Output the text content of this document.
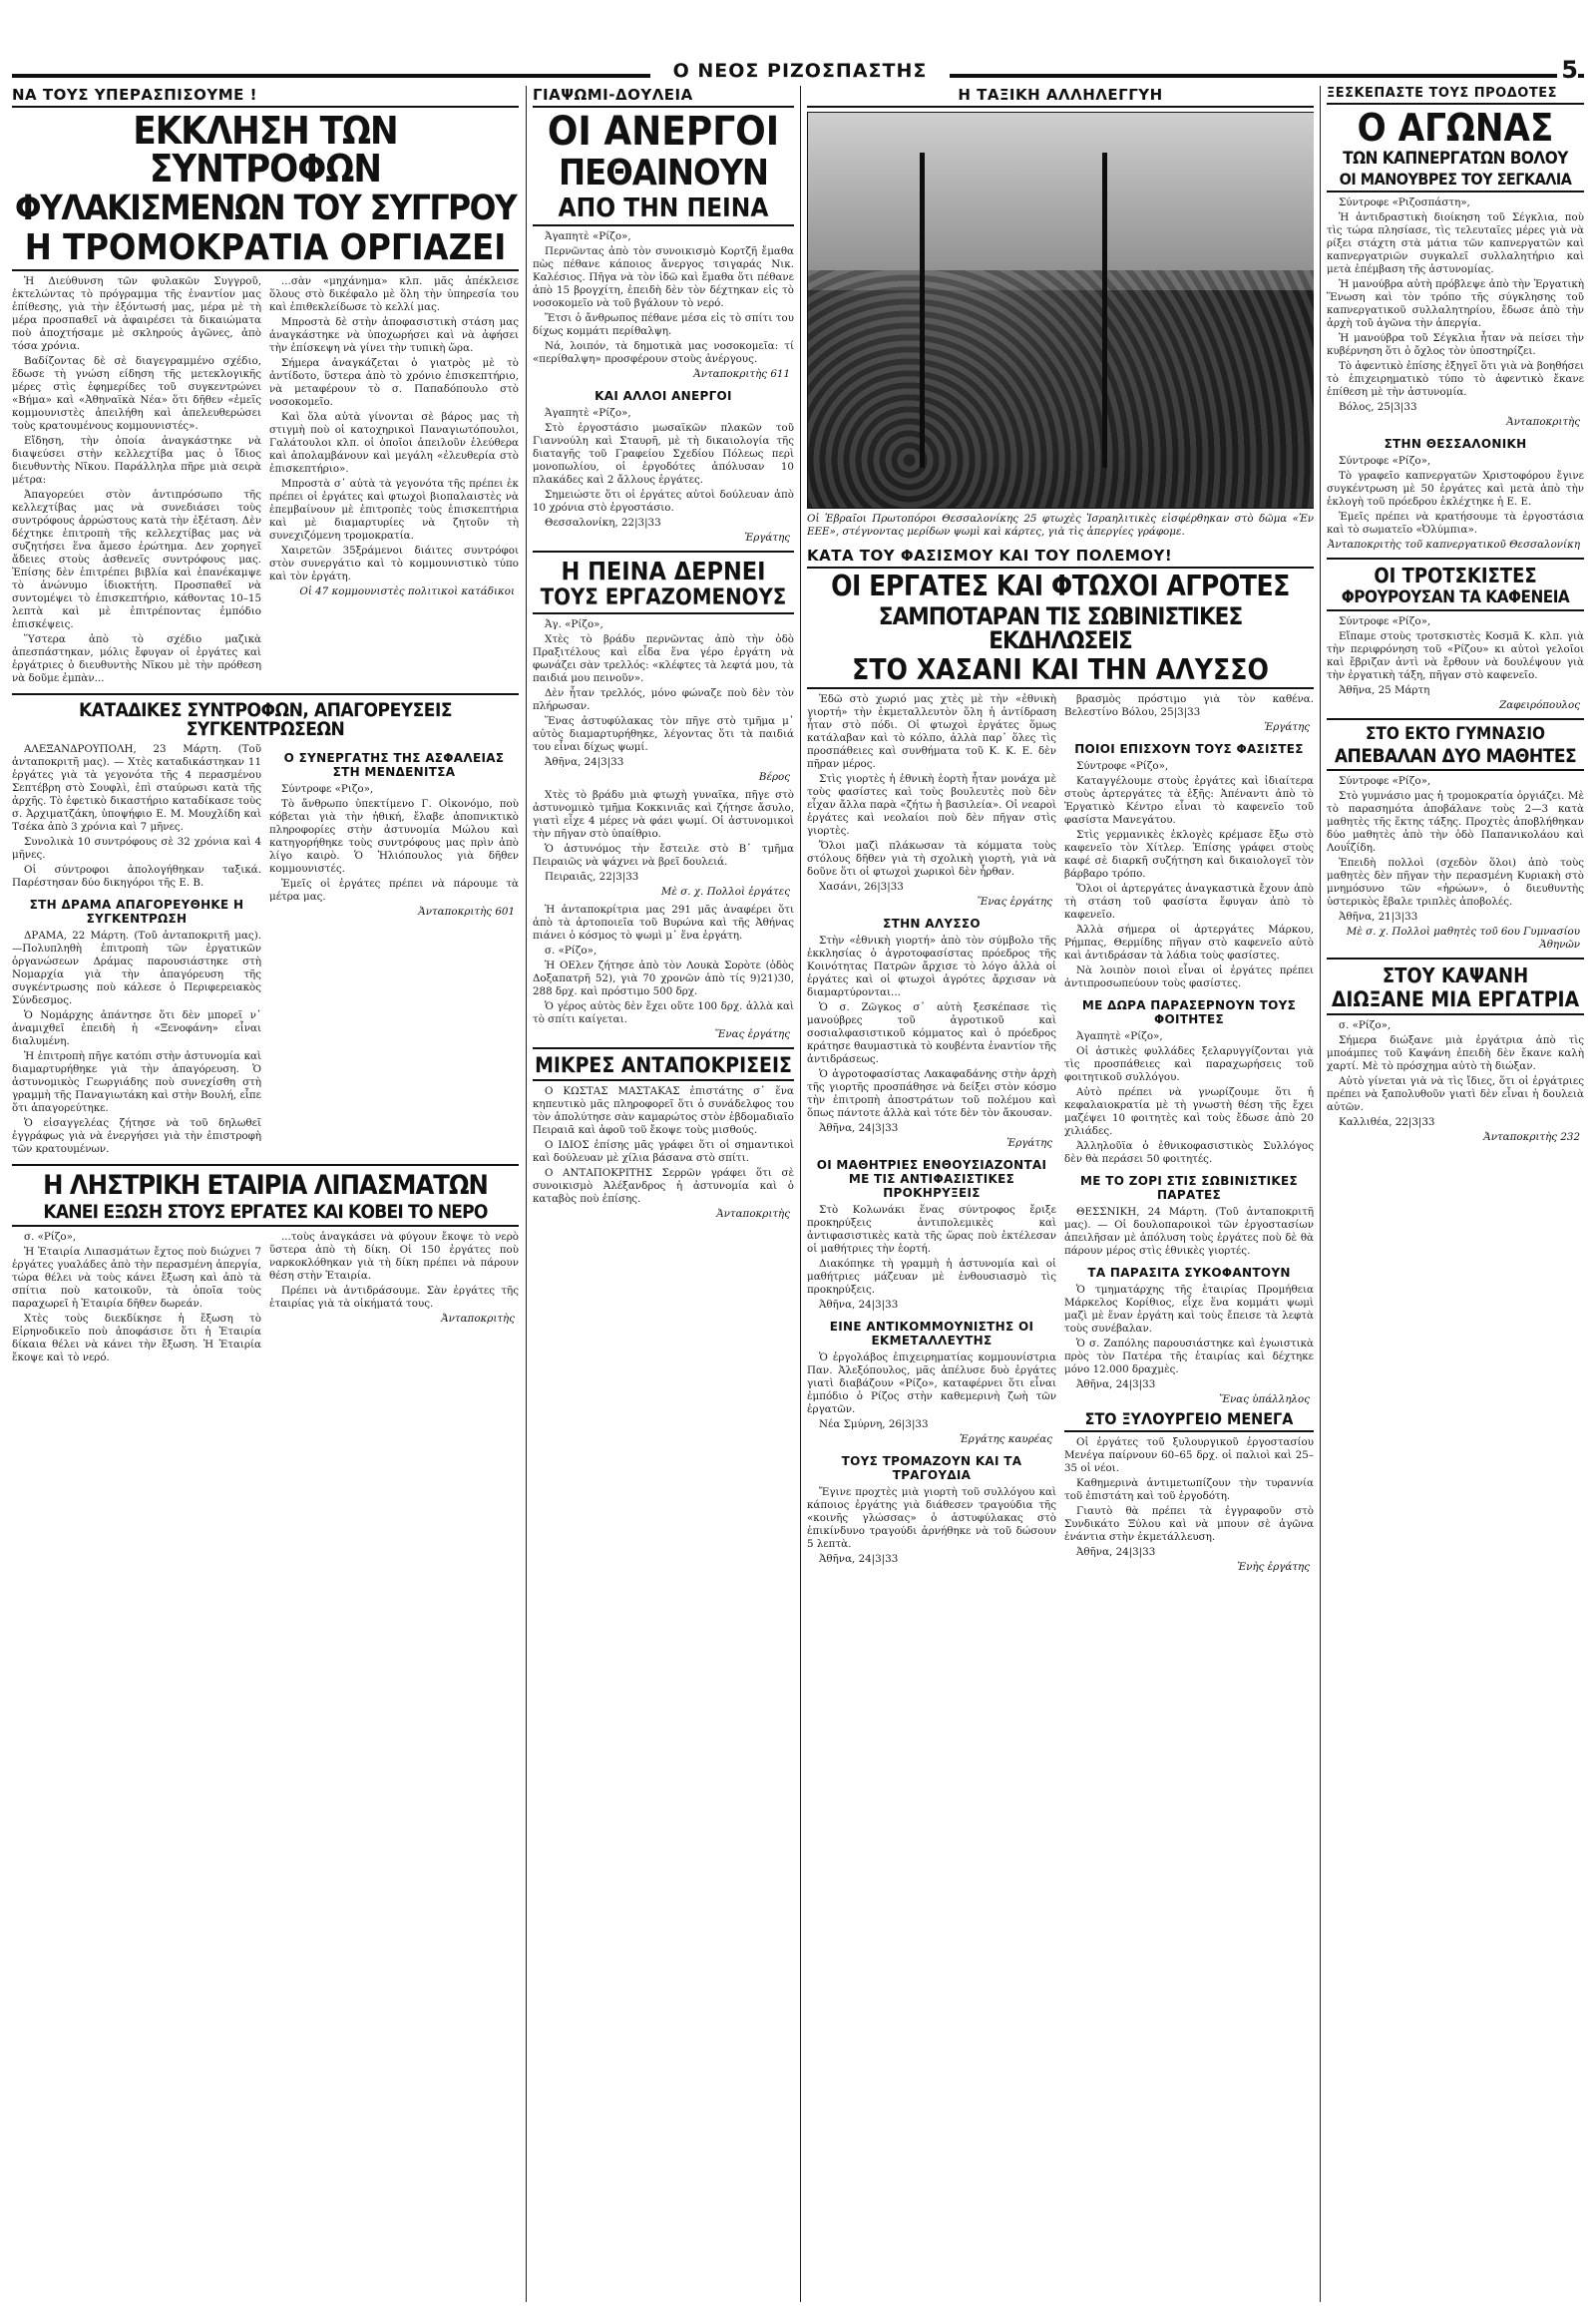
Ο ΝΕΟΣ ΡΙΖΟΣΠΑΣΤΗΣ	5
ΝΑ ΤΟΥΣ ΥΠΕΡΑΣΠΙΣΟΥΜΕ !
ΕΚΚΛΗΣΗ ΤΩΝ ΣΥΝΤΡΟΦΩΝ
ΦΥΛΑΚΙΣΜΕΝΩΝ ΤΟΥ ΣΥΓΓΡΟΥ
Η ΤΡΟΜΟΚΡΑΤΙΑ ΟΡΓΙΑΖΕΙ

Ἡ Διεύθυνση τῶν φυλακῶν Συγγροῦ, ἐκτελώντας τὸ πρόγραμμα τῆς ἐναντίον μας ἐπίθεσης, γιὰ τὴν ἐξόντωσή μας, μέρα μὲ τὴ μέρα προσπαθεῖ νὰ ἀφαιρέσει τὰ δικαιώματα ποὺ ἀποχτήσαμε μὲ σκληρούς ἀγῶνες, ἀπὸ τόσα χρόνια.

Βαδίζοντας δὲ σὲ διαγεγραμμένο σχέδιο, ἔδωσε τὴ γνώση είδηση τῆς μετεκλογικῆς μέρες στὶς ἐφημερίδες τοῦ συγκεντρώνει «Βήμα» καὶ «Ἀθηναϊκὰ Νέα» ὅτι δῆθεν «ἐμεῖς κομμουνιστὲς ἀπειλήθη καὶ ἀπελευθερώσει τοὺς κρατουμένους κομμουνιστές».

Εἴδηση, τὴν ὁποία ἀναγκάστηκε νὰ διαψεύσει στὴν κελλεχτίβα μας ὁ ἴδιος διευθυντὴς Νῖκου. Παράλληλα πῆρε μιὰ σειρὰ μέτρα:

Ἀπαγορεύει στὸν ἀντιπρόσωπο τῆς κελλεχτίβας μας νὰ συνεδιάσει τοὺς συντρόφους ἀρρώστους κατὰ τὴν ἐξέταση. Δὲν δέχτηκε ἐπιτροπὴ τῆς κελλεχτίβας μας νὰ συζητήσει ἕνα ἄμεσο ἐρώτημα. Δεν χορηγεῖ ἄδειες στοὺς ἀσθενεῖς συντρόφους μας. Ἐπίσης δὲν ἐπιτρέπει βιβλία καὶ ἐπανέκαμψε τὸ ἀνώνυμο ἰδιοκτήτη. Προσπαθεῖ νὰ συντομέψει τὸ ἐπισκεπτήριο, κάθοντας 10–15 λεπτὰ καὶ μὲ ἐπιτρέποντας ἐμπόδιο ἐπισκέψεις.

Ὕστερα ἀπὸ τὸ σχέδιο μαζικὰ ἀπεσπάστηκαν, μόλις ἔφυγαν οἱ ἐργάτες καὶ ἐργάτριες ὁ διευθυντὴς Νῖκου μὲ τὴν πρόθεση νὰ δοῦμε ἐμπὰν...

...σὰν «μηχάνημα» κλπ. μᾶς ἀπέκλεισε ὅλους στὸ δικέφαλο μὲ ὅλη τὴν ὑπηρεσία του καὶ ἐπιθεκλείδωσε τὸ κελλί μας.

Μπροστὰ δὲ στὴν ἀποφασιστικὴ στάση μας ἀναγκάστηκε νὰ ὑποχωρήσει καὶ νὰ ἀφήσει τὴν ἐπίσκεψη νὰ γίνει τὴν τυπικὴ ὥρα.

Σήμερα ἀναγκάζεται ὁ γιατρὸς μὲ τὸ ἀντίδοτο, ὕστερα ἀπὸ τὸ χρόνιο ἐπισκεπτήριο, νὰ μεταφέρουν τὸ σ. Παπαδόπουλο στὸ νοσοκομεῖο.

Καὶ ὅλα αὐτὰ γίνονται σὲ βάρος μας τὴ στιγμὴ ποὺ οἱ κατοχηρικοὶ Παναγιωτόπουλοι, Γαλάτουλοι κλπ. οἱ ὁποῖοι ἀπειλοῦν ἐλεύθερα καὶ ἀπολαμβάνουν καὶ μεγάλη «ἐλευθερία στὸ ἐπισκεπτήριο».

Μπροστὰ σ᾽ αὐτὰ τὰ γεγονότα τῆς πρέπει ἐκ πρέπει οἱ ἐργάτες καὶ φτωχοὶ βιοπαλαιστὲς νὰ ἐπεμβαίνουν μὲ ἐπιτροπὲς τοὺς ἐπισκεπτήρια καὶ μὲ διαμαρτυρίες νὰ ζητοῦν τὴ συνεχιζόμενη τρομοκρατία.

Χαιρετῶν 35ξράμενοι διάιτες συντρόφοι στὸν συνεργάτιο καὶ τὸ κομμουνιστικὸ τύπο καὶ τὸν ἐργάτη.

Οἱ 47 κομμουνιστὲς πολιτικοὶ κατάδικοι

ΚΑΤΑΔΙΚΕΣ ΣΥΝΤΡΟΦΩΝ, ΑΠΑΓΟΡΕΥΣΕΙΣ ΣΥΓΚΕΝΤΡΩΣΕΩΝ

ΑΛΕΞΑΝΔΡΟΥΠΟΛΗ, 23 Μάρτη. (Τοῦ ἀνταποκριτῆ μας). — Χτὲς καταδικάστηκαν 11 ἐργάτες γιὰ τὰ γεγονότα τῆς 4 περασμένου Σεπτέβρη στὸ Σουφλὶ, ἐπὶ σταύρωσι κατὰ τῆς ἀρχῆς. Τὸ ἐφετικὸ δικαστήριο καταδίκασε τοὺς σ. Ἀρχιματζάκη, ὑποψήφιο Ε. Μ. Μουχλίδη καὶ Τσέκα ἀπὸ 3 χρόνια καὶ 7 μῆνες.

Συνολικὰ 10 συντρόφους σὲ 32 χρόνια καὶ 4 μῆνες.

Οἱ σύντροφοι ἀπολογήθηκαν ταξικά. Παρέστησαν δύο δικηγόροι τῆς Ε. Β.

ΣΤΗ ΔΡΑΜΑ ΑΠΑΓΟΡΕΥΘΗΚΕ Η ΣΥΓΚΕΝΤΡΩΣΗ

ΔΡΑΜΑ, 22 Μάρτη. (Τοῦ ἀνταποκριτῆ μας).—Πολυπληθὴ ἐπιτροπὴ τῶν ἐργατικῶν ὀργανώσεων Δράμας παρουσιάστηκε στὴ Νομαρχία γιὰ τὴν ἀπαγόρευση τῆς συγκέντρωσης ποὺ κάλεσε ὁ Περιφερειακὸς Σύνδεσμος.

Ὁ Νομάρχης ἀπάντησε ὅτι δὲν μπορεῖ ν᾽ ἀναμιχθεῖ ἐπειδὴ ἡ «Ξενοφάνη» εἶναι διαλυμένη.

Ἡ ἐπιτροπὴ πῆγε κατόπι στὴν ἀστυνομία καὶ διαμαρτυρήθηκε γιὰ τὴν ἀπαγόρευση. Ὁ ἀστυνομικὸς Γεωργιάδης ποὺ συνεχίσθη στὴ γραμμὴ τῆς Παναγιωτάκη καὶ στὴν Βουλή, εἶπε ὅτι ἀπαγορεύτηκε.

Ὁ εἰσαγγελέας ζήτησε νὰ τοῦ δηλωθεῖ ἐγγράφως γιὰ νὰ ἐνεργήσει γιὰ τὴν ἐπιστροφὴ τῶν κρατουμένων.

Ο ΣΥΝΕΡΓΑΤΗΣ ΤΗΣ ΑΣΦΑΛΕΙΑΣ ΣΤΗ ΜΕΝΔΕΝΙΤΣΑ

Σύντροφε «Ριζο»,

Τὸ ἄνθρωπο ὑπεκτίμενο Γ. Οἰκονόμο, ποὺ κόβεται γιὰ τὴν ἠθική, ἔλαβε ἀποπνικτικὸ πληροφορίες στὴν ἀστυνομία Μώλου καὶ κατηγορήθηκε τοὺς συντρόφους μας πρὶν ἀπὸ λίγο καιρὸ. Ὁ Ἠλιόπουλος γιὰ δῆθεν κομμουνιστές.

Ἐμεῖς οἱ ἐργάτες πρέπει νὰ πάρουμε τὰ μέτρα μας.

Ἀνταποκριτὴς 601

Η ΛΗΣΤΡΙΚΗ ΕΤΑΙΡΙΑ ΛΙΠΑΣΜΑΤΩΝ
ΚΑΝΕΙ ΕΞΩΣΗ ΣΤΟΥΣ ΕΡΓΑΤΕΣ ΚΑΙ ΚΟΒΕΙ ΤΟ ΝΕΡΟ

σ. «Ρίζο»,

Ἡ Ἑταιρία Λιπασμάτων ἔχτος ποὺ διώχνει 7 ἐργάτες γυαλάδες ἀπὸ τὴν περασμένη ἀπεργία, τώρα θέλει νὰ τοὺς κάνει ἔξωση καὶ ἀπὸ τὰ σπίτια ποὺ κατοικοῦν, τὰ ὁποῖα τοὺς παραχωρεῖ ἡ Ἑταιρία δῆθεν δωρεάν.

Χτὲς τοὺς διεκδίκησε ἡ ἔξωση τὸ Εἰρηνοδικεῖο ποὺ ἀποφάσισε ὅτι ἡ Ἑταιρία δίκαια θέλει νὰ κάνει τὴν ἔξωση. Ἡ Ἑταιρία ἔκοψε καὶ τὸ νερό.

...τοὺς ἀναγκάσει νὰ φύγουν ἔκοψε τὸ νερὸ ὕστερα ἀπὸ τὴ δίκη. Οἱ 150 ἐργάτες ποὺ ναρκοκλόθηκαν γιὰ τὴ δίκη πρέπει νὰ πάρουν θέση στὴν Ἑταιρία.

Πρέπει νὰ ἀντιδράσουμε. Σὰν ἐργάτες τῆς ἑταιρίας γιὰ τὰ οἰκήματά τους.

Ἀνταποκριτὴς

ΓΙΑΨΩΜΙ-ΔΟΥΛΕΙΑ
ΟΙ ΑΝΕΡΓΟΙ
ΠΕΘΑΙΝΟΥΝ
ΑΠΟ ΤΗΝ ΠΕΙΝΑ

Ἀγαπητὲ «Ρίζο»,

Περνῶντας ἀπὸ τὸν συνοικισμὸ Κορτζῆ ἔμαθα πὼς πέθανε κάποιος ἄνεργος τσιγαράς Νικ. Καλέσιος. Πῆγα νὰ τὸν ἰδῶ καὶ ἔμαθα ὅτι πέθανε ἀπὸ 15 βρογχίτη, ἐπειδὴ δὲν τὸν δέχτηκαν εἰς τὸ νοσοκομεῖο νὰ τοῦ βγάλουν τὸ νερό.

Ἔτσι ὁ ἄνθρωπος πέθανε μέσα εἰς τὸ σπίτι του δίχως κομμάτι περίθαλψη.

Νά, λοιπόν, τὰ δημοτικὰ μας νοσοκομεῖα: τί «περίθαλψη» προσφέρουν στοὺς ἀνέργους.

Ἀνταποκριτὴς 611

ΚΑΙ ΑΛΛΟΙ ΑΝΕΡΓΟΙ

Ἀγαπητὲ «Ρίζο»,

Στὸ ἐργοστάσιο μωσαϊκῶν πλακῶν τοῦ Γιαννούλη καὶ Σταυρῆ, μὲ τὴ δικαιολογία τῆς διαταγῆς τοῦ Γραφείου Σχεδίου Πόλεως περὶ μονοπωλίου, οἱ ἐργοδότες ἀπόλυσαν 10 πλακάδες καὶ 2 ἄλλους ἐργάτες.

Σημειώστε ὅτι οἱ ἐργάτες αὐτοὶ δούλευαν ἀπὸ 10 χρόνια στὸ ἐργοστάσιο.

Θεσσαλονίκη, 22|3|33

Ἐργάτης

Η ΠΕΙΝΑ ΔΕΡΝΕΙ
ΤΟΥΣ ΕΡΓΑΖΟΜΕΝΟΥΣ

Ἀγ. «Ρίζο»,

Χτὲς τὸ βράδυ περνῶντας ἀπὸ τὴν ὁδὸ Πραξιτέλους καὶ εἶδα ἕνα γέρο ἐργάτη νὰ φωνάζει σὰν τρελλός: «κλέφτες τὰ λεφτά μου, τὰ παιδιά μου πεινοῦν».

Δὲν ἦταν τρελλός, μόνο φώναζε ποὺ δὲν τὸν πλήρωσαν.

Ἕνας ἀστυφύλακας τὸν πῆγε στὸ τμῆμα μ᾽ αὐτὸς διαμαρτυρήθηκε, λέγοντας ὅτι τὰ παιδιά του εἶναι δίχως ψωμί.

Ἀθῆνα, 24|3|33

Βέρος

Χτὲς τὸ βράδυ μιὰ φτωχὴ γυναῖκα, πῆγε στὸ ἀστυνομικὸ τμῆμα Κοκκινιᾶς καὶ ζήτησε ἄσυλο, γιατὶ εἶχε 4 μέρες νὰ φάει ψωμί. Οἱ ἀστυνομικοὶ τὴν πῆγαν στὸ ὑπαίθριο.

Ὁ ἀστυνόμος τὴν ἔστειλε στὸ Β᾽ τμῆμα Πειραιῶς νὰ ψάχνει νὰ βρεῖ δουλειά.

Πειραιᾶς, 22|3|33

Μὲ σ. χ. Πολλοὶ ἐργάτες

Ἡ ἀνταποκρίτρια μας 291 μᾶς ἀναφέρει ὅτι ἀπὸ τὰ ἀρτοποιεῖα τοῦ Βυρώνα καὶ τῆς Ἀθήνας πιάνει ὁ κόσμος τὸ ψωμὶ μ᾽ ἕνα ἐργάτη.

σ. «Ρίζο»,

Ἡ ΟΕλεν ζήτησε ἀπὸ τὸν Λουκὰ Σορὸτε (ὁδὸς Δοξαπατρῆ 52), γιὰ 70 χρονῶν ἀπὸ τίς 9)21)30, 288 δρχ. καὶ πρόστιμο 500 δρχ.

Ὁ γέρος αὐτὸς δὲν ἔχει οὔτε 100 δρχ. ἀλλὰ καὶ τὸ σπίτι καίγεται.

Ἕνας ἐργάτης

ΜΙΚΡΕΣ ΑΝΤΑΠΟΚΡΙΣΕΙΣ

Ο ΚΩΣΤΑΣ ΜΑΣΤΑΚΑΣ ἐπιστάτης σ᾽ ἕνα κηπευτικὸ μᾶς πληροφορεῖ ὅτι ὁ συνάδελφος του τὸν ἀπολύτησε σὰν καμαρώτος στὸν ἑβδομαδιαῖο Πειραιᾶ καὶ ἀφοῦ τοῦ ἔκοψε τοὺς μισθούς.

Ο ΙΔΙΟΣ ἐπίσης μᾶς γράφει ὅτι οἱ σημαντικοὶ καὶ δούλευαν μὲ χίλια βάσανα στὸ σπίτι.

Ο ΑΝΤΑΠΟΚΡΙΤΗΣ Σερρῶν γράφει ὅτι σὲ συνοικισμὸ Ἀλέξανδρος ἡ ἀστυνομία καὶ ὁ καταβὸς ποὺ ἐπίσης.

Ἀνταποκριτὴς

Η ΤΑΞΙΚΗ ΑΛΛΗΛΕΓΓΥΗ

Οἱ Ἑβραῖοι Πρωτοπόροι Θεσσαλονίκης 25 φτωχὲς Ἰσραηλιτικὲς εἰσφέρθηκαν στὸ δῶμα «Ἐν ΕΕΕ», στέγνοντας μερίδων ψωμὶ καὶ κάρτες, γιὰ τὶς ἀπεργίες γράφομε.

ΚΑΤΑ ΤΟΥ ΦΑΣΙΣΜΟΥ ΚΑΙ ΤΟΥ ΠΟΛΕΜΟΥ!
ΟΙ ΕΡΓΑΤΕΣ ΚΑΙ ΦΤΩΧΟΙ ΑΓΡΟΤΕΣ
ΣΑΜΠΟΤΑΡΑΝ ΤΙΣ ΣΩΒΙΝΙΣΤΙΚΕΣ ΕΚΔΗΛΩΣΕΙΣ
ΣΤΟ ΧΑΣΑΝΙ ΚΑΙ ΤΗΝ ΑΛΥΣΣΟ

Ἐδῶ στὸ χωριό μας χτὲς μὲ τὴν «ἐθνικὴ γιορτή» τὴν ἐκμεταλλευτὸν ὅλη ἡ ἀντίδραση ἦταν στὸ πόδι. Οἱ φτωχοὶ ἐργάτες ὅμως κατάλαβαν καὶ τὸ κόλπο, ἀλλὰ παρ᾽ ὅλες τὶς προσπάθειες καὶ συνθήματα τοῦ Κ. Κ. Ε. δὲν πῆραν μέρος.

Στὶς γιορτὲς ἡ ἐθνικὴ ἑορτὴ ἦταν μονάχα μὲ τοὺς φασίστες καὶ τοὺς βουλευτὲς ποὺ δὲν εἶχαν ἄλλα παρὰ «ζήτω ἡ βασιλεία». Οἱ νεαροὶ ἐργάτες καὶ νεολαίοι ποὺ δὲν πῆγαν στὶς γιορτὲς.

Ὅλοι μαζὶ πλάκωσαν τὰ κόμματα τοὺς στόλους δῆθεν γιὰ τὴ σχολικὴ γιορτὴ, γιὰ νὰ δοῦνε ὅτι οἱ φτωχοὶ χωρικοὶ δὲν ἦρθαν.

Χασάνι, 26|3|33

Ἕνας ἐργάτης

ΣΤΗΝ ΑΛΥΣΣΟ

Στὴν «ἐθνικὴ γιορτή» ἀπὸ τὸν σύμβολο τῆς ἐκκλησίας ὁ ἀγροτοφασίστας πρόεδρος τῆς Κοινότητας Πατρῶν ἄρχισε τὸ λόγο ἀλλὰ οἱ ἐργάτες καὶ οἱ φτωχοὶ ἀγρότες ἄρχισαν νὰ διαμαρτύρονται...

Ὁ σ. Ζῶγκος σ᾽ αὐτὴ ξεσκέπασε τὶς μανούβρες τοῦ ἀγροτικοῦ καὶ σοσιαλφασιστικοῦ κόμματος καὶ ὁ πρόεδρος κράτησε θαυμαστικὰ τὸ κουβέντα ἐναντίον τῆς ἀντιδράσεως.

Ὁ ἀγροτοφασίστας Λακαφαδάνης στὴν ἀρχὴ τῆς γιορτῆς προσπάθησε νὰ δείξει στὸν κόσμο τὴν ἐπιτροπὴ ἀποστράτων τοῦ πολέμου καὶ ὅπως πάντοτε ἀλλὰ καὶ τότε δὲν τὸν ἄκουσαν.

Ἀθῆνα, 24|3|33

Ἐργάτης

ΟΙ ΜΑΘΗΤΡΙΕΣ ΕΝΘΟΥΣΙΑΖΟΝΤΑΙ ΜΕ ΤΙΣ ΑΝΤΙΦΑΣΙΣΤΙΚΕΣ ΠΡΟΚΗΡΥΞΕΙΣ

Στὸ Κολωνάκι ἕνας σύντροφος ἔριξε προκηρύξεις ἀντιπολεμικὲς καὶ ἀντιφασιστικὲς κατὰ τῆς ὥρας ποὺ ἐκτέλεσαν οἱ μαθήτριες τὴν ἑορτή.

Διακόπηκε τὴ γραμμὴ ἡ ἀστυνομία καὶ οἱ μαθήτριες μάζευαν μὲ ἐνθουσιασμὸ τὶς προκηρύξεις.

Ἀθῆνα, 24|3|33

ΕΙΝΕ ΑΝΤΙΚΟΜΜΟΥΝΙΣΤΗΣ ΟΙ ΕΚΜΕΤΑΛΛΕΥΤΗΣ

Ὁ ἐργολάβος ἐπιχειρηματίας κομμουνίστρια Παν. Ἀλεξόπουλος, μᾶς ἀπέλυσε δυὸ ἐργάτες γιατὶ διαβάζουν «Ρίζο», καταφέρνει ὅτι εἶναι ἐμπόδιο ὁ Ρίζος στὴν καθεμερινὴ ζωὴ τῶν ἐργατῶν.

Νέα Σμύρνη, 26|3|33

Ἐργάτης καυρέας

ΤΟΥΣ ΤΡΟΜΑΖΟΥΝ ΚΑΙ ΤΑ ΤΡΑΓΟΥΔΙΑ

Ἔγινε προχτὲς μιὰ γιορτὴ τοῦ συλλόγου καὶ κάποιος ἐργάτης γιὰ διάθεσεν τραγούδια τῆς «κοινῆς γλώσσας» ὁ ἀστυφύλακας στὸ ἐπικίνδυνο τραγούδι ἀρνήθηκε νὰ τοῦ δώσουν 5 λεπτὰ.

Ἀθῆνα, 24|3|33

βρασμὸς πρόστιμο γιὰ τὸν καθένα. Βελεστίνο Βόλου, 25|3|33

Ἐργάτης

ΠΟΙΟΙ ΕΠΙΣΧΟΥΝ ΤΟΥΣ ΦΑΣΙΣΤΕΣ

Σύντροφε «Ρίζο»,

Καταγγέλουμε στοὺς ἐργάτες καὶ ἰδιαίτερα στοὺς ἀρτεργάτες τὰ ἑξῆς: Ἀπέναντι ἀπὸ τὸ Ἐργατικὸ Κέντρο εἶναι τὸ καφενεῖο τοῦ φασίστα Μανεγάτου.

Στὶς γερμανικὲς ἐκλογὲς κρέμασε ἔξω στὸ καφενεῖο τὸν Χίτλερ. Ἐπίσης γράφει στοὺς καφέ σὲ διαρκῆ συζήτηση καὶ δικαιολογεῖ τὸν βάρβαρο τρόπο.

Ὅλοι οἱ ἀρτεργάτες ἀναγκαστικὰ ἔχουν ἀπὸ τὴ στάση τοῦ φασίστα ἔφυγαν ἀπὸ τὸ καφενεῖο.

Ἀλλὰ σήμερα οἱ ἀρτεργάτες Μάρκου, Ρήμπας, Θερμίδης πῆγαν στὸ καφενεῖο αὐτὸ καὶ ἀντιδράσαν τὰ λάδια τοὺς φασίστες.

Νὰ λοιπὸν ποιοὶ εἶναι οἱ ἐργάτες πρέπει ἀντιπροσωπεύουν τοὺς φασίστες.

ΜΕ ΔΩΡΑ ΠΑΡΑΣΕΡΝΟΥΝ ΤΟΥΣ ΦΟΙΤΗΤΕΣ

Ἀγαπητὲ «Ρίζο»,

Οἱ ἀστικὲς φυλλάδες ξελαρυγγίζονται γιὰ τὶς προσπάθειες καὶ παραχωρήσεις τοῦ φοιτητικοῦ συλλόγου.

Αὐτὸ πρέπει νὰ γνωρίζουμε ὅτι ἡ κεφαλαιοκρατία μὲ τὴ γνωστὴ θέση τῆς ἔχει μαζέψει 10 φοιτητὲς καὶ τοὺς ἔδωσε ἀπὸ 20 χιλιάδες.

Ἀλληλοῦϊα ὁ ἐθνικοφασιστικὸς Συλλόγος δὲν θὰ περάσει 50 φοιτητές.

ΜΕ ΤΟ ΖΟΡΙ ΣΤΙΣ ΣΩΒΙΝΙΣΤΙΚΕΣ ΠΑΡΑΤΕΣ

ΘΕΣΣΝΙΚΗ, 24 Μάρτη. (Τοῦ ἀνταποκριτῆ μας). — Οἱ δουλοπαροικοὶ τῶν ἐργοστασίων ἀπειλῆσαν μὲ ἀπόλυση τοὺς ἐργάτες ποὺ δὲ θὰ πάρουν μέρος στὶς ἐθνικὲς γιορτές.

ΤΑ ΠΑΡΑΣΙΤΑ ΣΥΚΟΦΑΝΤΟΥΝ

Ὁ τμηματάρχης τῆς ἑταιρίας Προμήθεια Μάρκελος Κορίθιος, εἶχε ἕνα κομμάτι ψωμὶ μαζὶ μὲ ἕναν ἐργάτη καὶ τοὺς ἔπεισε τὰ λεφτὰ τοὺς συνέβαλαν.

Ὁ σ. Ζαπόλης παρουσιάστηκε καὶ ἐγωιστικὰ πρὸς τὸν Πατέρα τῆς ἑταιρίας καὶ δέχτηκε μόνο 12.000 δραχμὲς.

Ἀθῆνα, 24|3|33

Ἕνας ὑπάλληλος

ΣΤΟ ΞΥΛΟΥΡΓΕΙΟ ΜΕΝΕΓΑ

Οἱ ἐργάτες τοῦ ξυλουργικοῦ ἐργοστασίου Μενέγα παίρνουν 60–65 δρχ. οἱ παλιοὶ καὶ 25–35 οἱ νέοι.

Καθημερινὰ ἀντιμετωπίζουν τὴν τυραννία τοῦ ἐπιστάτη καὶ τοῦ ἐργοδότη.

Γιαυτὸ θὰ πρέπει τὰ ἐγγραφοῦν στὸ Συνδικάτο Ξύλου καὶ νὰ μπουν σὲ ἀγῶνα ἐνάντια στὴν ἐκμετάλλευση.

Ἀθῆνα, 24|3|33

Ἐνὴς ἐργάτης

ΞΕΣΚΕΠΑΣΤΕ ΤΟΥΣ ΠΡΟΔΟΤΕΣ
Ο ΑΓΩΝΑΣ
ΤΩΝ ΚΑΠΝΕΡΓΑΤΩΝ ΒΟΛΟΥ
ΟΙ ΜΑΝΟΥΒΡΕΣ ΤΟΥ ΣΕΓΚΑΛΙΑ

Σύντροφε «Ριζοσπάστη»,

Ἡ ἀντιδραστικὴ διοίκηση τοῦ Σέγκλια, ποὺ τὶς τώρα πλησίασε, τὶς τελευταῖες μέρες γιὰ νὰ ρίξει στάχτη στὰ μάτια τῶν καπνεργατῶν καὶ καπνεργατριῶν συγκαλεῖ συλλαλητήριο καὶ μετὰ ἐπέμβαση τῆς ἀστυνομίας.

Ἡ μανούβρα αὐτὴ πρόβλεψε ἀπὸ τὴν Ἐργατικὴ Ἕνωση καὶ τὸν τρόπο τῆς σύγκλησης τοῦ καπνεργατικοῦ συλλαλητηρίου, ἔδωσε ἀπὸ τὴν ἀρχὴ τοῦ ἀγῶνα τὴν ἀπεργία.

Ἡ μανούβρα τοῦ Σέγκλια ἦταν νὰ πείσει τὴν κυβέρνηση ὅτι ὁ ὄχλος τὸν ὑποστηρίζει.

Τὸ ἀφεντικὸ ἐπίσης ἐξηγεῖ ὅτι γιὰ νὰ βοηθήσει τὸ ἐπιχειρηματικὸ τύπο τὸ ἀφεντικὸ ἔκανε ἐπίθεση μὲ τὴν ἀστυνομία.

Βόλος, 25|3|33

Ἀνταποκριτὴς

ΣΤΗΝ ΘΕΣΣΑΛΟΝΙΚΗ

Σύντροφε «Ρίζο»,

Τὸ γραφεῖο καπνεργατῶν Χριστοφόρου ἔγινε συγκέντρωση μὲ 50 ἐργάτες καὶ μετὰ ἀπὸ τὴν ἐκλογὴ τοῦ πρόεδρου ἐκλέχτηκε ἡ Ε. Ε.

Ἐμεῖς πρέπει νὰ κρατήσουμε τὰ ἐργοστάσια καὶ τὸ σωματεῖο «Ὀλύμπια».

Ἀνταποκριτὴς τοῦ καπνεργατικοῦ Θεσσαλονίκη

ΟΙ ΤΡΟΤΣΚΙΣΤΕΣ
ΦΡΟΥΡΟΥΣΑΝ ΤΑ ΚΑΦΕΝΕΙΑ

Σύντροφε «Ρίζο»,

Εἴπαμε στοὺς τροτσκιστὲς Κοσμᾶ Κ. κλπ. γιὰ τὴν περιφρόνηση τοῦ «Ρίζου» κι αὐτοὶ γελοῖοι καὶ ἔβριζαν ἀντὶ νὰ ἔρθουν νὰ δουλέψουν γιὰ τὴν ἐργατικὴ τάξη, πῆγαν στὸ καφενεῖο.

Ἀθῆνα, 25 Μάρτη

Ζαφειρόπουλος

ΣΤΟ ΕΚΤΟ ΓΥΜΝΑΣΙΟ
ΑΠΕΒΑΛΑΝ ΔΥΟ ΜΑΘΗΤΕΣ

Σύντροφε «Ρίζο»,

Στὸ γυμνάσιο μας ἡ τρομοκρατία ὀργιάζει. Μὲ τὸ παρασημότα ἀποβάλανε τοὺς 2—3 κατὰ μαθητὲς τῆς ἕκτης τάξης. Προχτὲς ἀποβλήθηκαν δύο μαθητὲς ἀπὸ τὴν ὁδὸ Παπανικολάου καὶ Λουΐζίδη.

Ἐπειδὴ πολλοὶ (σχεδὸν ὅλοι) ἀπὸ τοὺς μαθητὲς δὲν πῆγαν τὴν περασμένη Κυριακὴ στὸ μνημόσυνο τῶν «ἡρώων», ὁ διευθυντὴς ὑστερικὸς ἔβαλε τριπλὲς ἀποβολές.

Ἀθῆνα, 21|3|33

Μὲ σ. χ. Πολλοὶ μαθητὲς τοῦ 6ου Γυμνασίου Ἀθηνῶν

ΣΤΟΥ ΚΑΨΑΝΗ
ΔΙΩΞΑΝΕ ΜΙΑ ΕΡΓΑΤΡΙΑ

σ. «Ρίζο»,

Σήμερα διώξανε μιὰ ἐργάτρια ἀπὸ τὶς μποάμπες τοῦ Καψάνη ἐπειδὴ δὲν ἔκανε καλὴ χαρτί. Μὲ τὸ πρόσχημα αὐτὸ τὴ διώξαν.

Αὐτὸ γίνεται γιὰ νὰ τὶς ἴδιες, ὅτι οἱ ἐργάτριες πρέπει νὰ ξαπολυθοῦν γιατὶ δὲν εἶναι ἡ δουλειὰ αὐτῶν.

Καλλιθέα, 22|3|33

Ἀνταποκριτὴς 232
